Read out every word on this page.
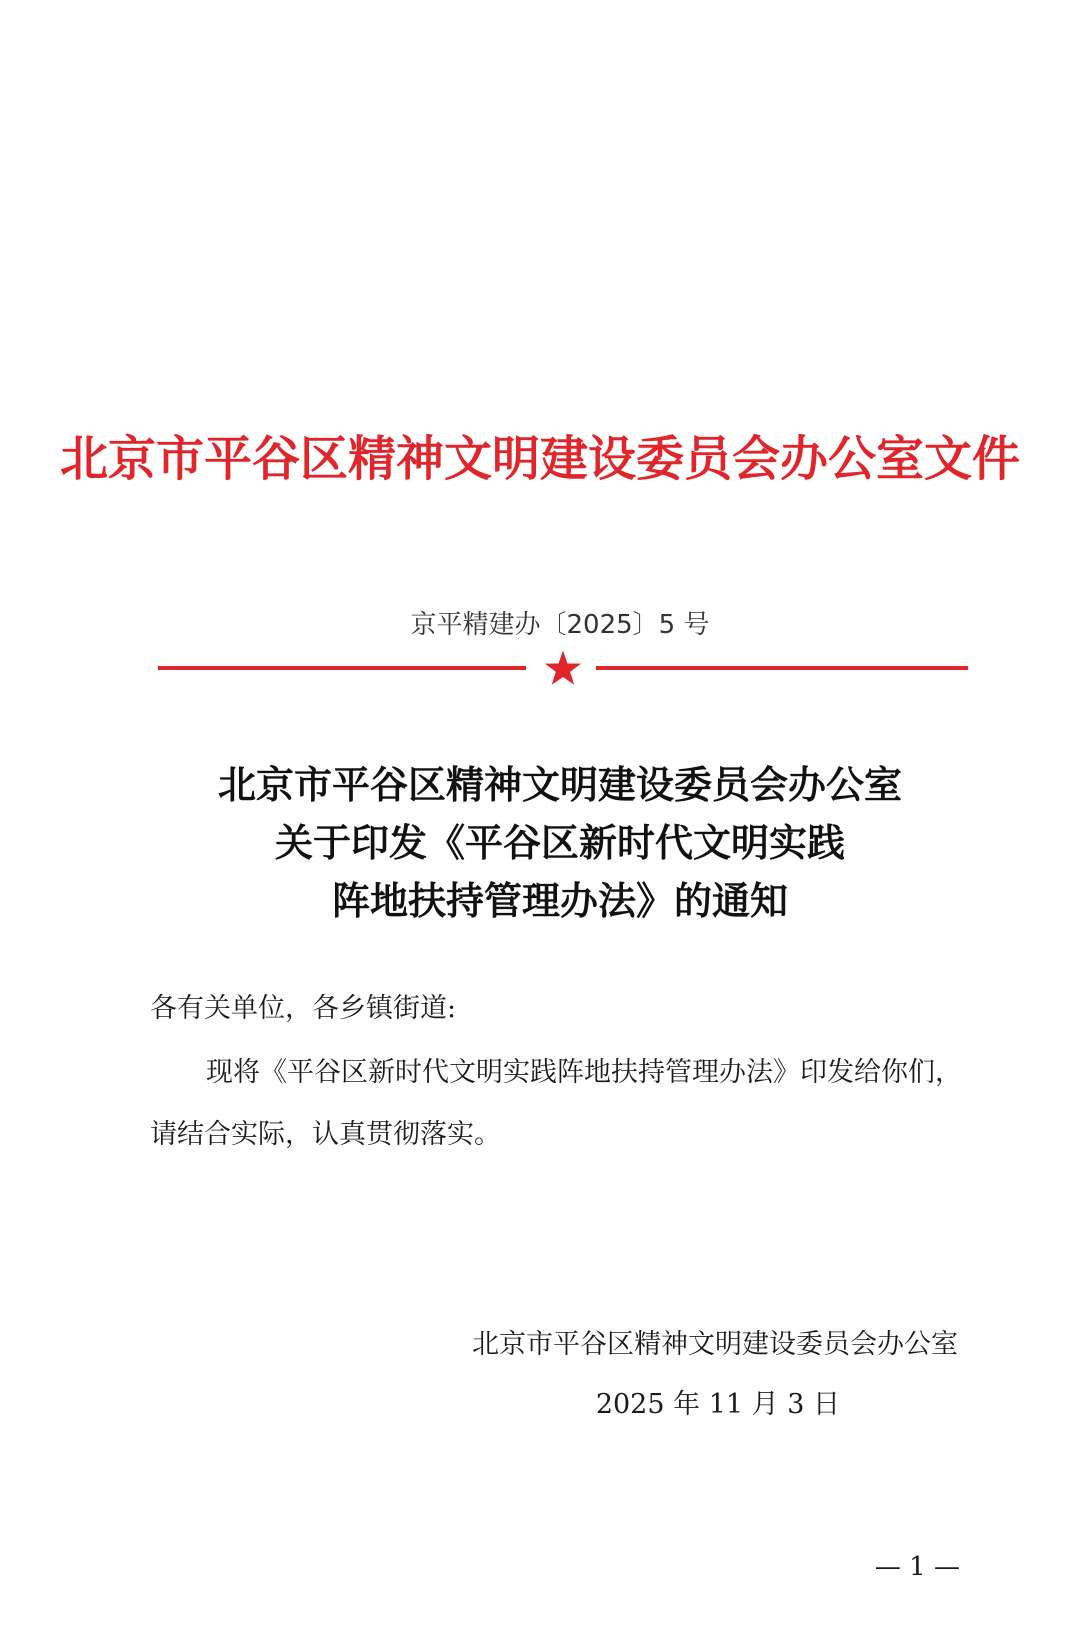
北京市平谷区精神文明建设委员会办公室文件
京平精建办〔2025〕5 号
北京市平谷区精神文明建设委员会办公室
关于印发《平谷区新时代文明实践
阵地扶持管理办法》的通知
各有关单位，各乡镇街道:
现将《平谷区新时代文明实践阵地扶持管理办法》印发给你们，请结合实际，认真贯彻落实。
北京市平谷区精神文明建设委员会办公室
2025 年 11 月 3 日
— 1 —
